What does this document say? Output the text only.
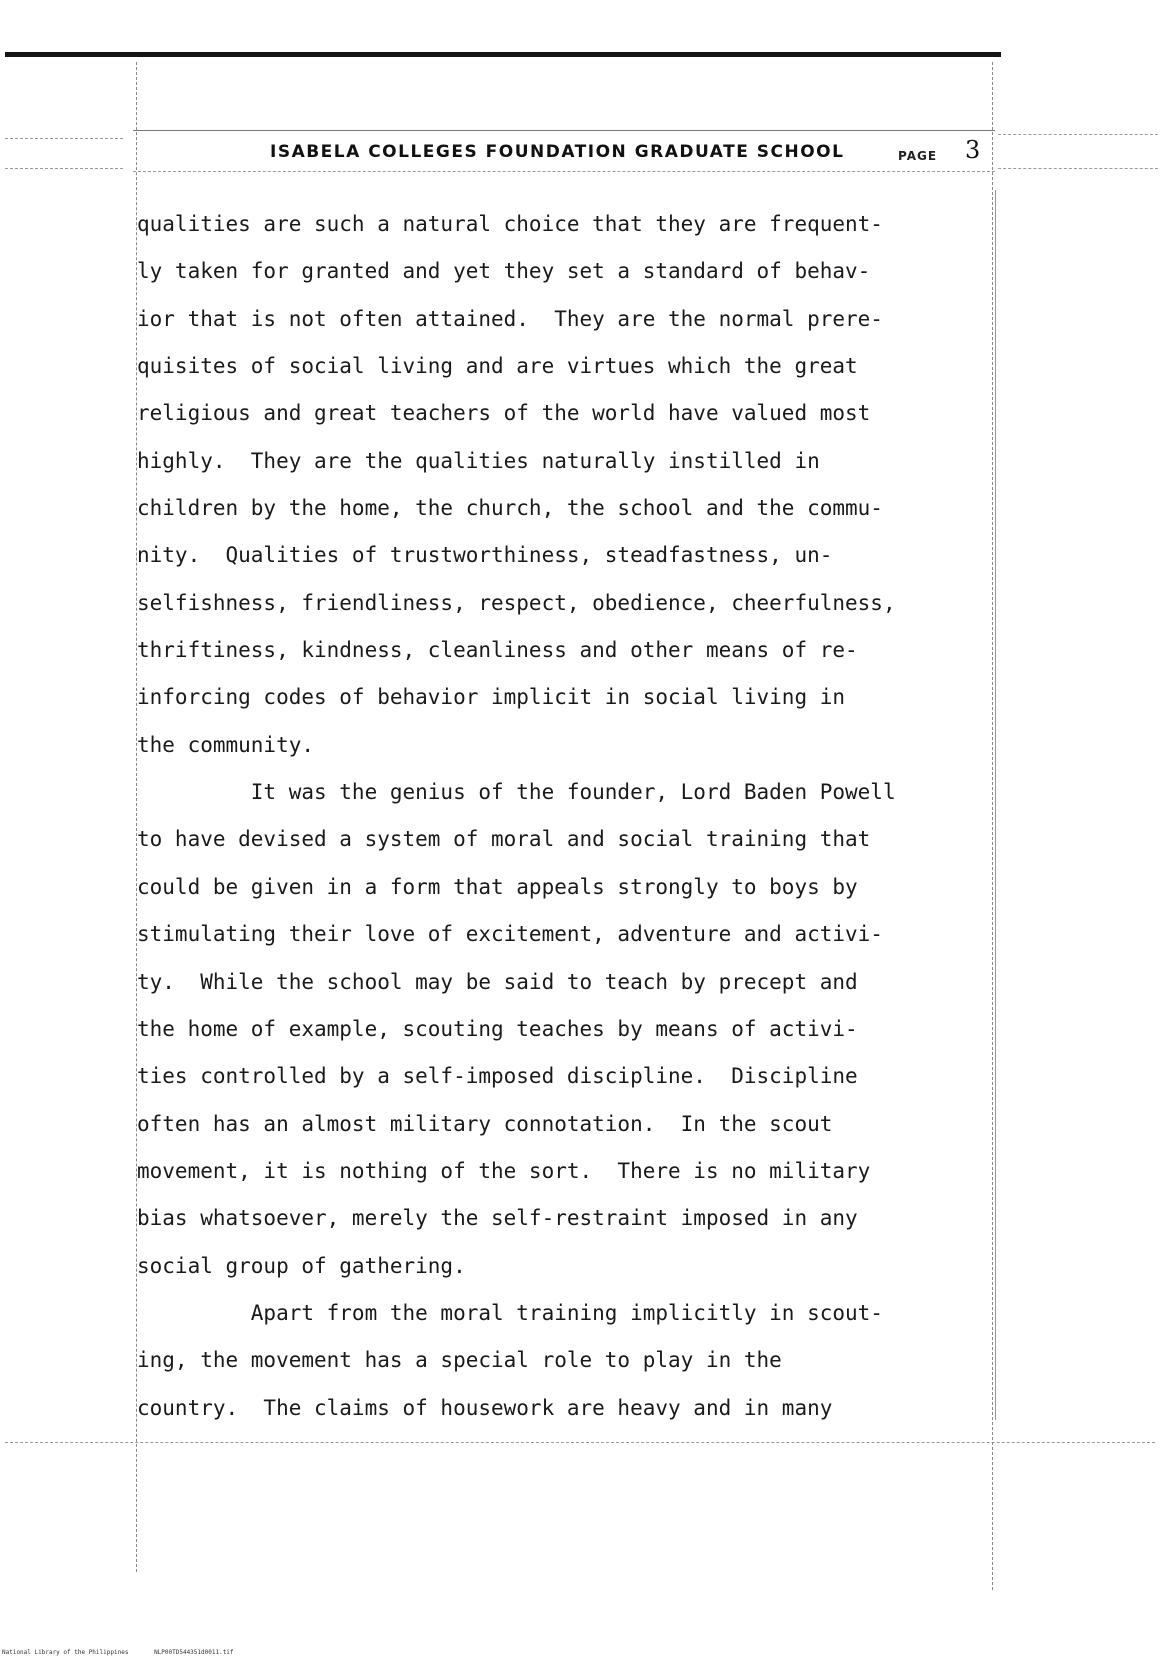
ISABELA COLLEGES FOUNDATION GRADUATE SCHOOL	PAGE 3
qualities are such a natural choice that they are frequent-
ly taken for granted and yet they set a standard of behav-
ior that is not often attained.  They are the normal prere-
quisites of social living and are virtues which the great
religious and great teachers of the world have valued most
highly.  They are the qualities naturally instilled in
children by the home, the church, the school and the commu-
nity.  Qualities of trustworthiness, steadfastness, un-
selfishness, friendliness, respect, obedience, cheerfulness,
thriftiness, kindness, cleanliness and other means of re-
inforcing codes of behavior implicit in social living in
the community.
It was the genius of the founder, Lord Baden Powell
to have devised a system of moral and social training that
could be given in a form that appeals strongly to boys by
stimulating their love of excitement, adventure and activi-
ty.  While the school may be said to teach by precept and
the home of example, scouting teaches by means of activi-
ties controlled by a self-imposed discipline.  Discipline
often has an almost military connotation.  In the scout
movement, it is nothing of the sort.  There is no military
bias whatsoever, merely the self-restraint imposed in any
social group of gathering.
Apart from the moral training implicitly in scout-
ing, the movement has a special role to play in the
country.  The claims of housework are heavy and in many
National Library of the Philippines	NLP00TD544351d0011.tif
